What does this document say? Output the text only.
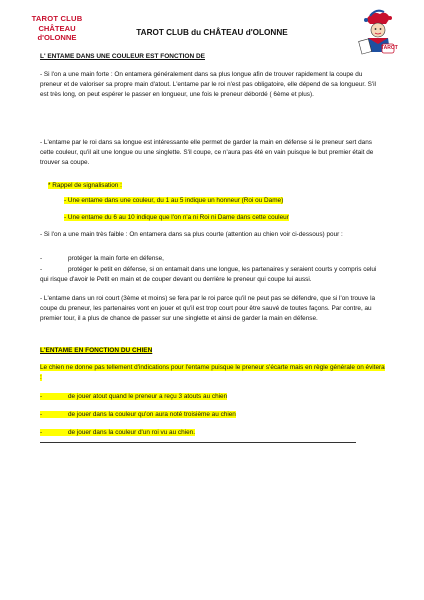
TAROT CLUB
CHÂTEAU d'OLONNE
TAROT
TAROT CLUB du CHÂTEAU d'OLONNE
L' ENTAME DANS UNE COULEUR EST FONCTION DE
- Si l'on a une main forte : On entamera généralement dans sa plus longue afin de trouver rapidement la coupe du preneur et de valoriser sa propre main d'atout. L'entame par le roi n'est pas obligatoire, elle dépend de sa longueur. S'il est très long, on peut espérer le passer en longueur, une fois le preneur débordé ( 6ème et plus).
- L'entame par le roi dans sa longue est intéressante elle permet de garder la main en défense si le preneur sert dans cette couleur, qu'il ait une longue ou une singlette. S'il coupe, ce n'aura pas été en vain puisque le but premier était de trouver sa coupe.
* Rappel de signalisation :
- Une entame dans une couleur, du 1 au 5 indique un honneur (Roi ou Dame)
- Une entame du 6 au 10 indique que l'on n'a ni Roi ni Dame dans cette couleur
- Si l'on a une main très faible : On entamera dans sa plus courte (attention au chien voir ci-dessous) pour :
-	protéger la main forte en défense,
-	protéger le petit en défense, si on entamait dans une longue, les partenaires y seraient courts y compris celui qui risque d'avoir le Petit en main et de couper devant ou derrière le preneur qui coupe lui aussi.
- L'entame dans un roi court (3ème et moins) se fera par le roi parce qu'il ne peut pas se défendre, que si l'on trouve la coupe du preneur, les partenaires vont en jouer et qu'il est trop court pour être sauvé de toutes façons. Par contre, au premier tour, il a plus de chance de passer sur une singlette et ainsi de garder la main en défense.
L'ENTAME EN FONCTION DU CHIEN
Le chien ne donne pas tellement d'indications pour l'entame puisque le preneur s'écarte mais en règle générale on évitera :
-	de jouer atout quand le preneur a reçu 3 atouts au chien
-	de jouer dans la couleur qu'on aura noté troisième au chien
-	de jouer dans la couleur d'un roi vu au chien.
